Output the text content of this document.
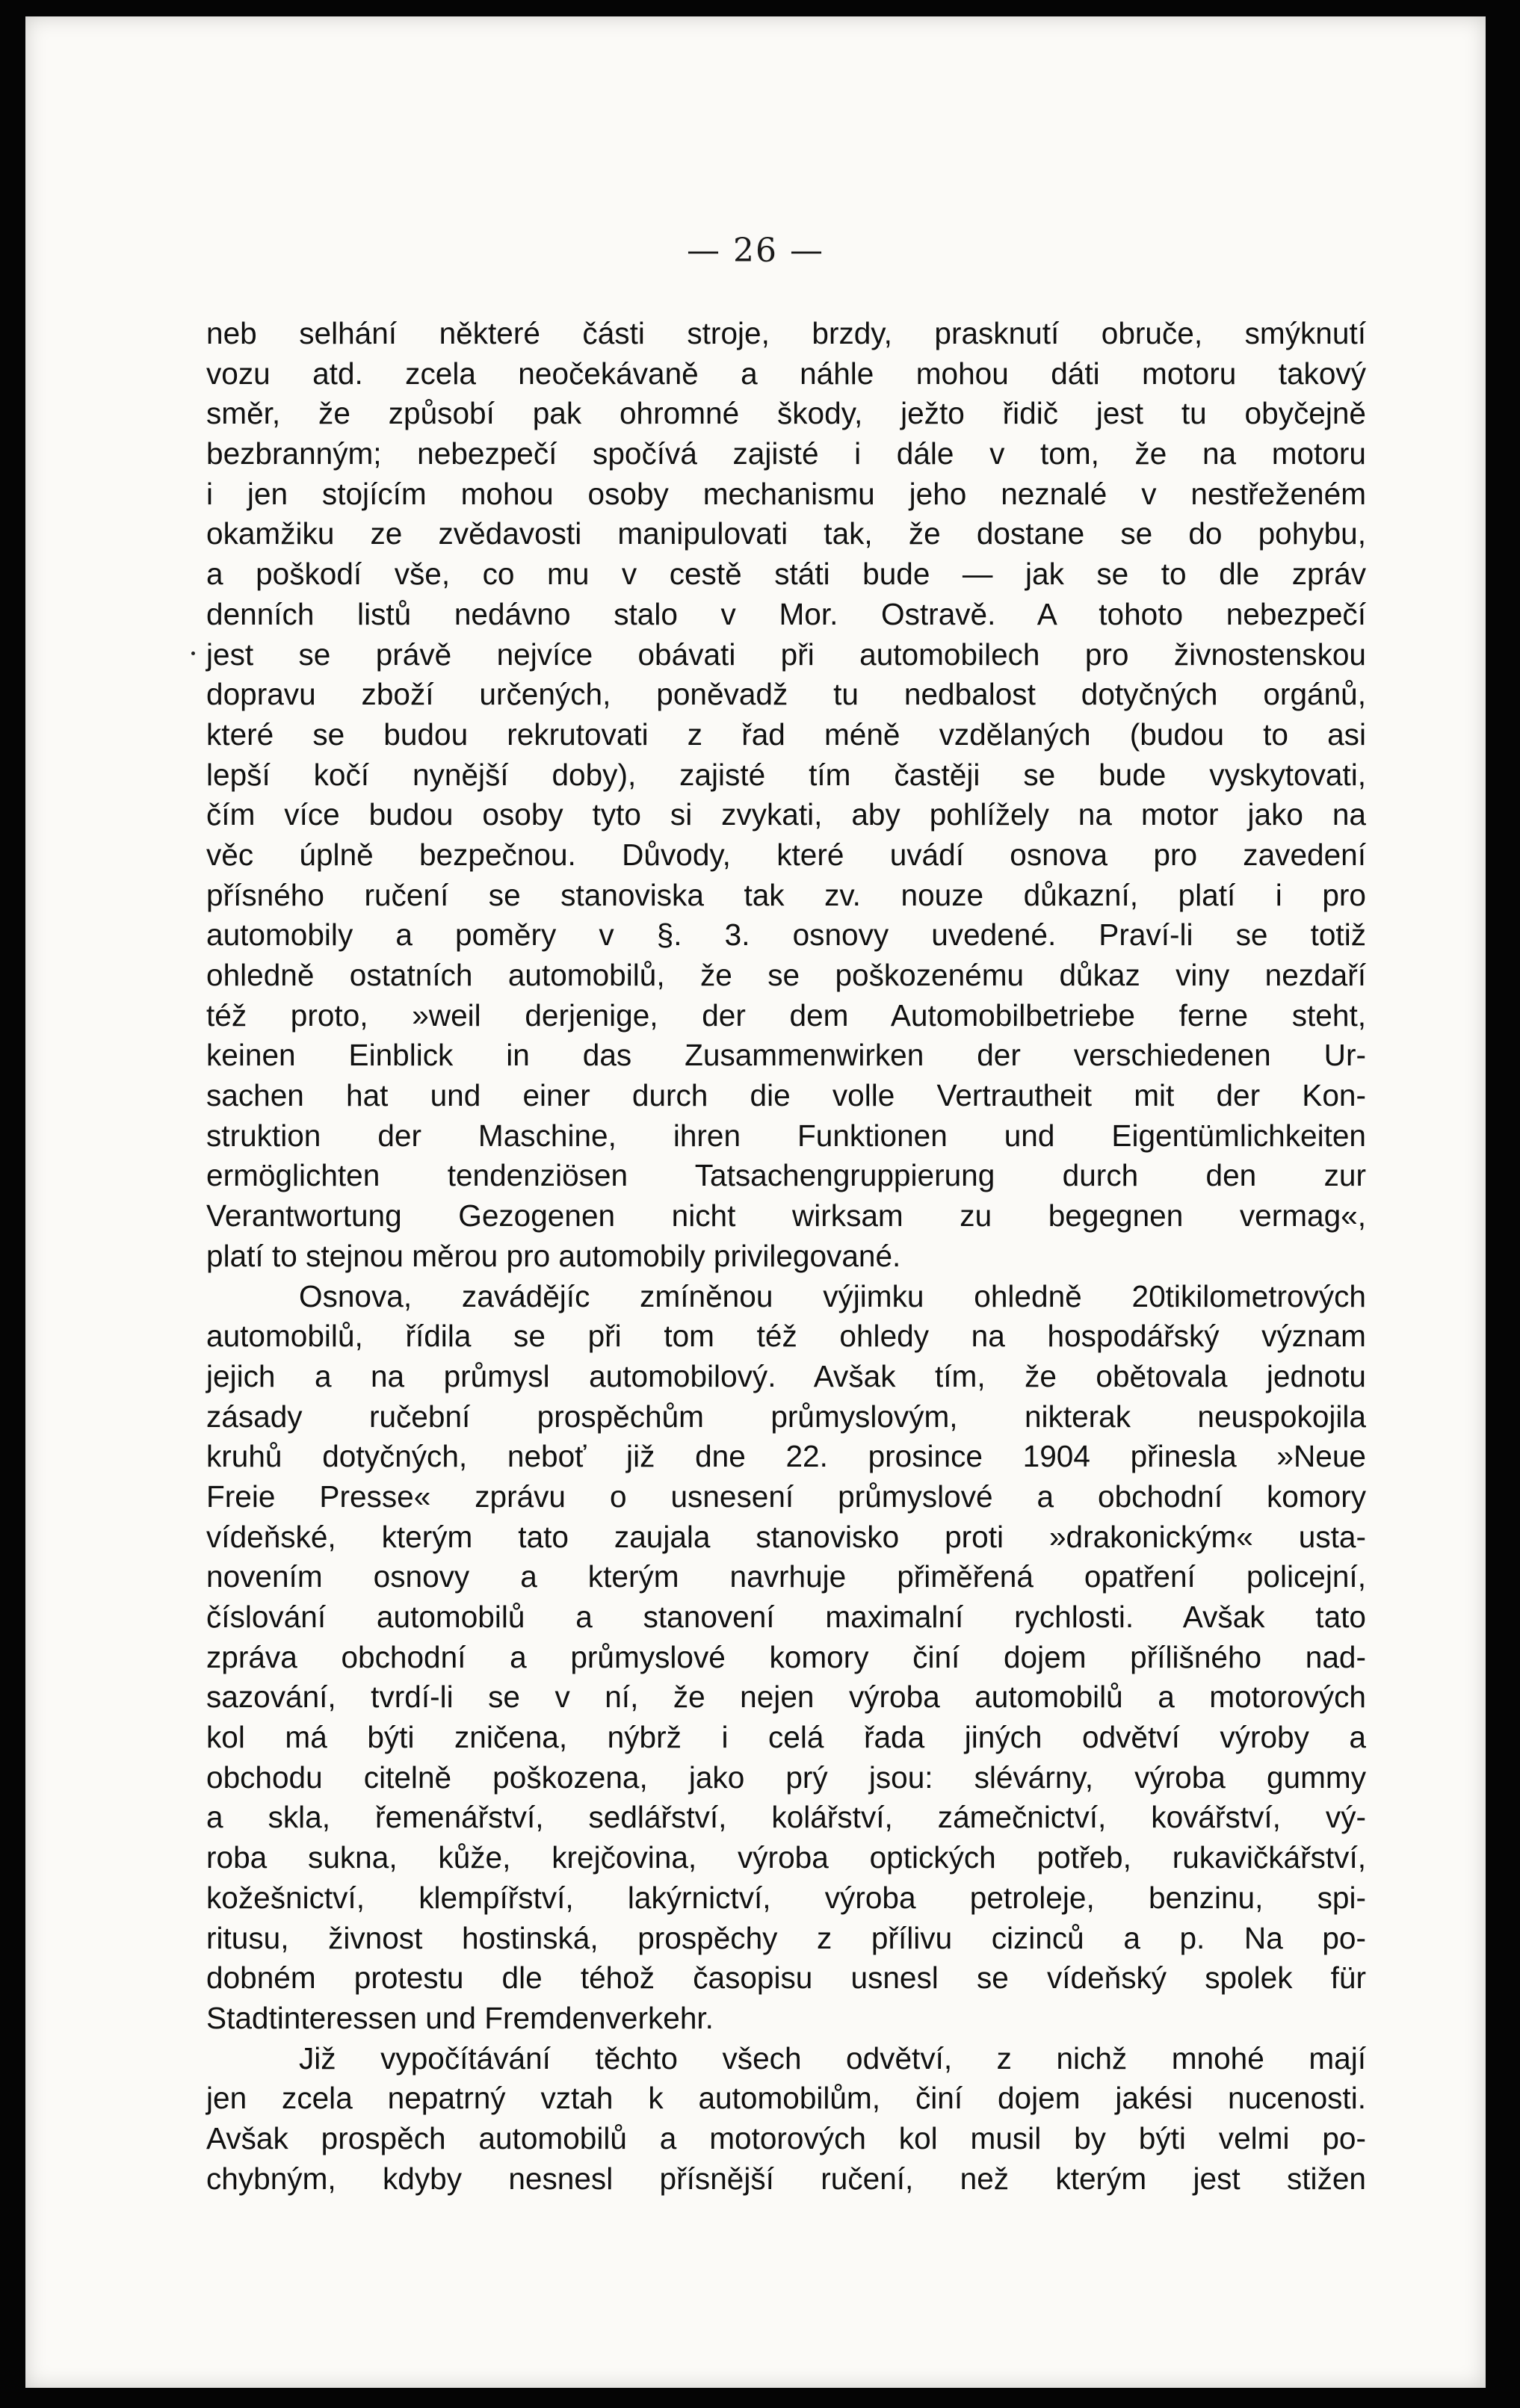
— 26 —
neb selhání některé části stroje, brzdy, prasknutí obruče, smýknutí
vozu atd. zcela neočekávaně a náhle mohou dáti motoru takový
směr, že způsobí pak ohromné škody, ježto řidič jest tu obyčejně
bezbranným; nebezpečí spočívá zajisté i dále v tom, že na motoru
i jen stojícím mohou osoby mechanismu jeho neznalé v nestřeženém
okamžiku ze zvědavosti manipulovati tak, že dostane se do pohybu,
a poškodí vše, co mu v cestě státi bude — jak se to dle zpráv
denních listů nedávno stalo v Mor. Ostravě. A tohoto nebezpečí
jest se právě nejvíce obávati při automobilech pro živnostenskou
dopravu zboží určených, poněvadž tu nedbalost dotyčných orgánů,
které se budou rekrutovati z řad méně vzdělaných (budou to asi
lepší kočí nynější doby), zajisté tím častěji se bude vyskytovati,
čím více budou osoby tyto si zvykati, aby pohlížely na motor jako na
věc úplně bezpečnou. Důvody, které uvádí osnova pro zavedení
přísného ručení se stanoviska tak zv. nouze důkazní, platí i pro
automobily a poměry v §. 3. osnovy uvedené. Praví-li se totiž
ohledně ostatních automobilů, že se poškozenému důkaz viny nezdaří
též proto, »weil derjenige, der dem Automobilbetriebe ferne steht,
keinen Einblick in das Zusammenwirken der verschiedenen Ur-
sachen hat und einer durch die volle Vertrautheit mit der Kon-
struktion der Maschine, ihren Funktionen und Eigentümlichkeiten
ermöglichten tendenziösen Tatsachengruppierung durch den zur
Verantwortung Gezogenen nicht wirksam zu begegnen vermag«,
platí to stejnou měrou pro automobily privilegované.
Osnova, zavádějíc zmíněnou výjimku ohledně 20tikilometrových
automobilů, řídila se při tom též ohledy na hospodářský význam
jejich a na průmysl automobilový. Avšak tím, že obětovala jednotu
zásady ručební prospěchům průmyslovým, nikterak neuspokojila
kruhů dotyčných, neboť již dne 22. prosince 1904 přinesla »Neue
Freie Presse« zprávu o usnesení průmyslové a obchodní komory
vídeňské, kterým tato zaujala stanovisko proti »drakonickým« usta-
novením osnovy a kterým navrhuje přiměřená opatření policejní,
číslování automobilů a stanovení maximalní rychlosti. Avšak tato
zpráva obchodní a průmyslové komory činí dojem přílišného nad-
sazování, tvrdí-li se v ní, že nejen výroba automobilů a motorových
kol má býti zničena, nýbrž i celá řada jiných odvětví výroby a
obchodu citelně poškozena, jako prý jsou: slévárny, výroba gummy
a skla, řemenářství, sedlářství, kolářství, zámečnictví, kovářství, vý-
roba sukna, kůže, krejčovina, výroba optických potřeb, rukavičkářství,
kožešnictví, klempířství, lakýrnictví, výroba petroleje, benzinu, spi-
ritusu, živnost hostinská, prospěchy z přílivu cizinců a p. Na po-
dobném protestu dle téhož časopisu usnesl se vídeňský spolek für
Stadtinteressen und Fremdenverkehr.
Již vypočítávání těchto všech odvětví, z nichž mnohé mají
jen zcela nepatrný vztah k automobilům, činí dojem jakési nucenosti.
Avšak prospěch automobilů a motorových kol musil by býti velmi po-
chybným, kdyby nesnesl přísnější ručení, než kterým jest stižen
